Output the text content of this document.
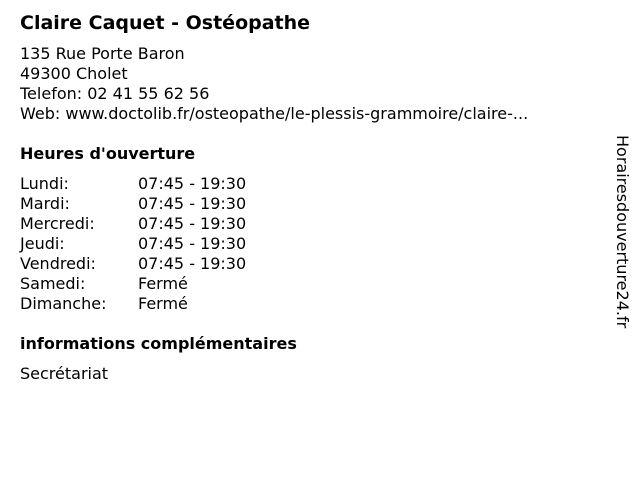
Claire Caquet - Ostéopathe
135 Rue Porte Baron
49300 Cholet
Telefon: 02 41 55 62 56
Web: www.doctolib.fr/osteopathe/le-plessis-grammoire/claire-...
Heures d'ouverture
Lundi:	07:45 - 19:30
Mardi:	07:45 - 19:30
Mercredi:	07:45 - 19:30
Jeudi:	07:45 - 19:30
Vendredi:	07:45 - 19:30
Samedi:	Fermé
Dimanche:	Fermé
informations complémentaires
Secrétariat
Horairesdouverture24.fr
